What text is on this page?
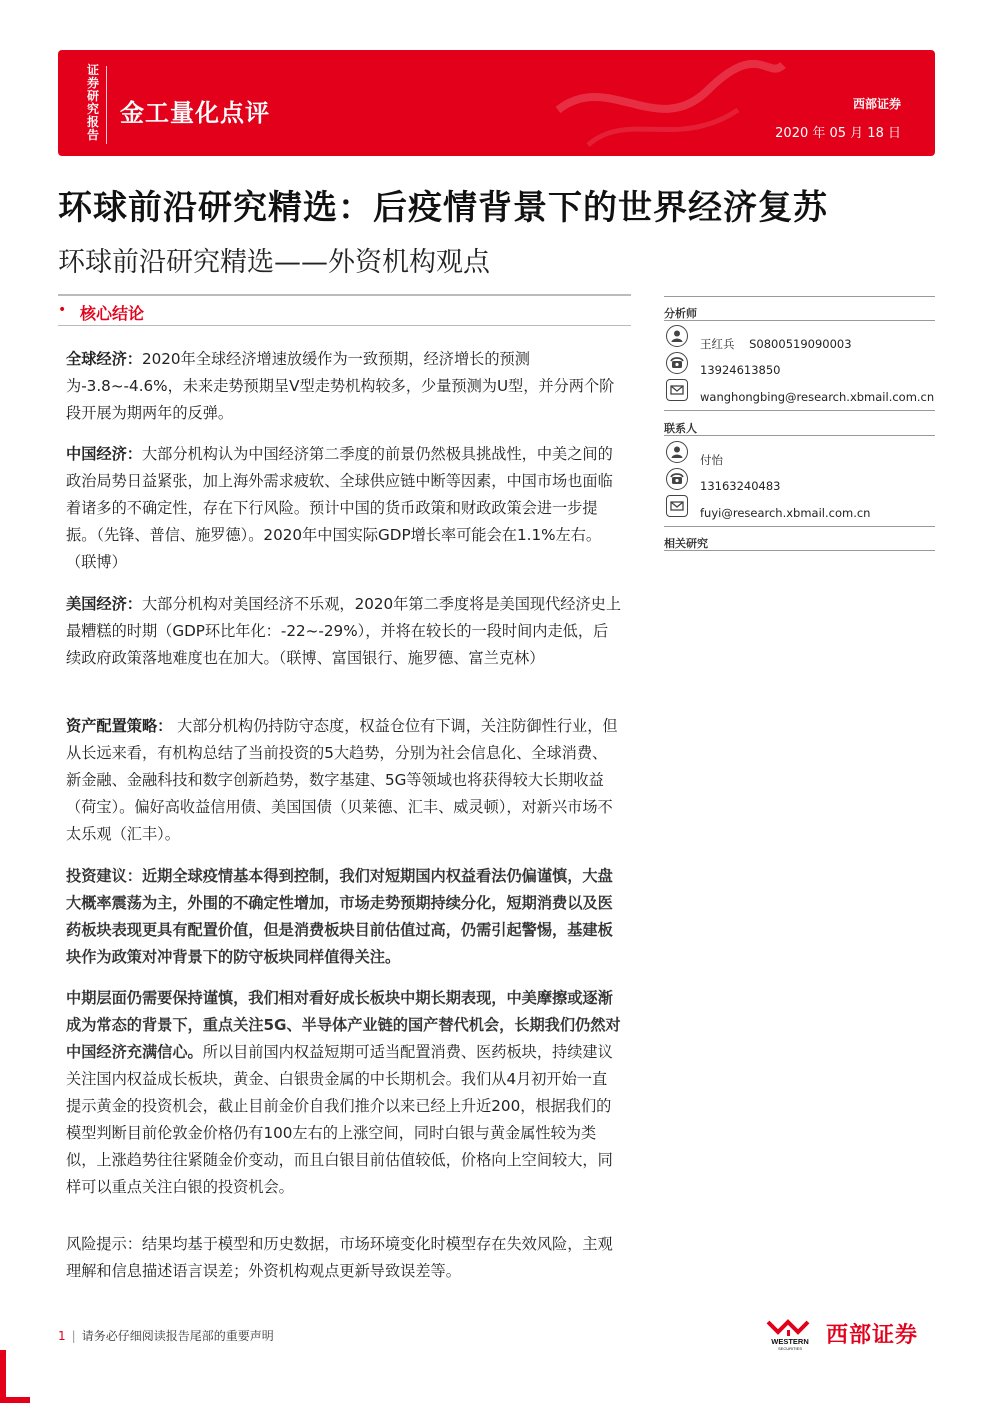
证券研究报告
金工量化点评	西部证券
2020 年 05 月 18 日
环球前沿研究精选：后疫情背景下的世界经济复苏
环球前沿研究精选——外资机构观点
• 核心结论
全球经济：2020年全球经济增速放缓作为一致预期，经济增长的预测为-3.8~-4.6%，未来走势预期呈V型走势机构较多，少量预测为U型，并分两个阶段开展为期两年的反弹。
中国经济：大部分机构认为中国经济第二季度的前景仍然极具挑战性，中美之间的政治局势日益紧张，加上海外需求疲软、全球供应链中断等因素，中国市场也面临着诸多的不确定性，存在下行风险。预计中国的货币政策和财政政策会进一步提振。（先锋、普信、施罗德）。2020年中国实际GDP增长率可能会在1.1%左右。（联博）
美国经济：大部分机构对美国经济不乐观，2020年第二季度将是美国现代经济史上最糟糕的时期（GDP环比年化：-22~-29%），并将在较长的一段时间内走低，后续政府政策落地难度也在加大。（联博、富国银行、施罗德、富兰克林）
资产配置策略： 大部分机构仍持防守态度，权益仓位有下调，关注防御性行业，但从长远来看，有机构总结了当前投资的5大趋势，分别为社会信息化、全球消费、新金融、金融科技和数字创新趋势，数字基建、5G等领域也将获得较大长期收益（荷宝）。偏好高收益信用债、美国国债（贝莱德、汇丰、威灵顿），对新兴市场不太乐观（汇丰）。
投资建议：近期全球疫情基本得到控制，我们对短期国内权益看法仍偏谨慎，大盘大概率震荡为主，外围的不确定性增加，市场走势预期持续分化，短期消费以及医药板块表现更具有配置价值，但是消费板块目前估值过高，仍需引起警惕，基建板块作为政策对冲背景下的防守板块同样值得关注。
中期层面仍需要保持谨慎，我们相对看好成长板块中期长期表现，中美摩擦或逐渐成为常态的背景下，重点关注5G、半导体产业链的国产替代机会，长期我们仍然对中国经济充满信心。所以目前国内权益短期可适当配置消费、医药板块，持续建议关注国内权益成长板块，黄金、白银贵金属的中长期机会。我们从4月初开始一直提示黄金的投资机会，截止目前金价自我们推介以来已经上升近200，根据我们的模型判断目前伦敦金价格仍有100左右的上涨空间，同时白银与黄金属性较为类似，上涨趋势往往紧随金价变动，而且白银目前估值较低，价格向上空间较大，同样可以重点关注白银的投资机会。
风险提示：结果均基于模型和历史数据，市场环境变化时模型存在失效风险，主观理解和信息描述语言误差；外资机构观点更新导致误差等。
分析师
王红兵 S0800519090003
13924613850
wanghongbing@research.xbmail.com.cn
联系人
付怡
13163240483
fuyi@research.xbmail.com.cn
相关研究
1 | 请务必仔细阅读报告尾部的重要声明	WESTERN
SECURITIES
西部证券
